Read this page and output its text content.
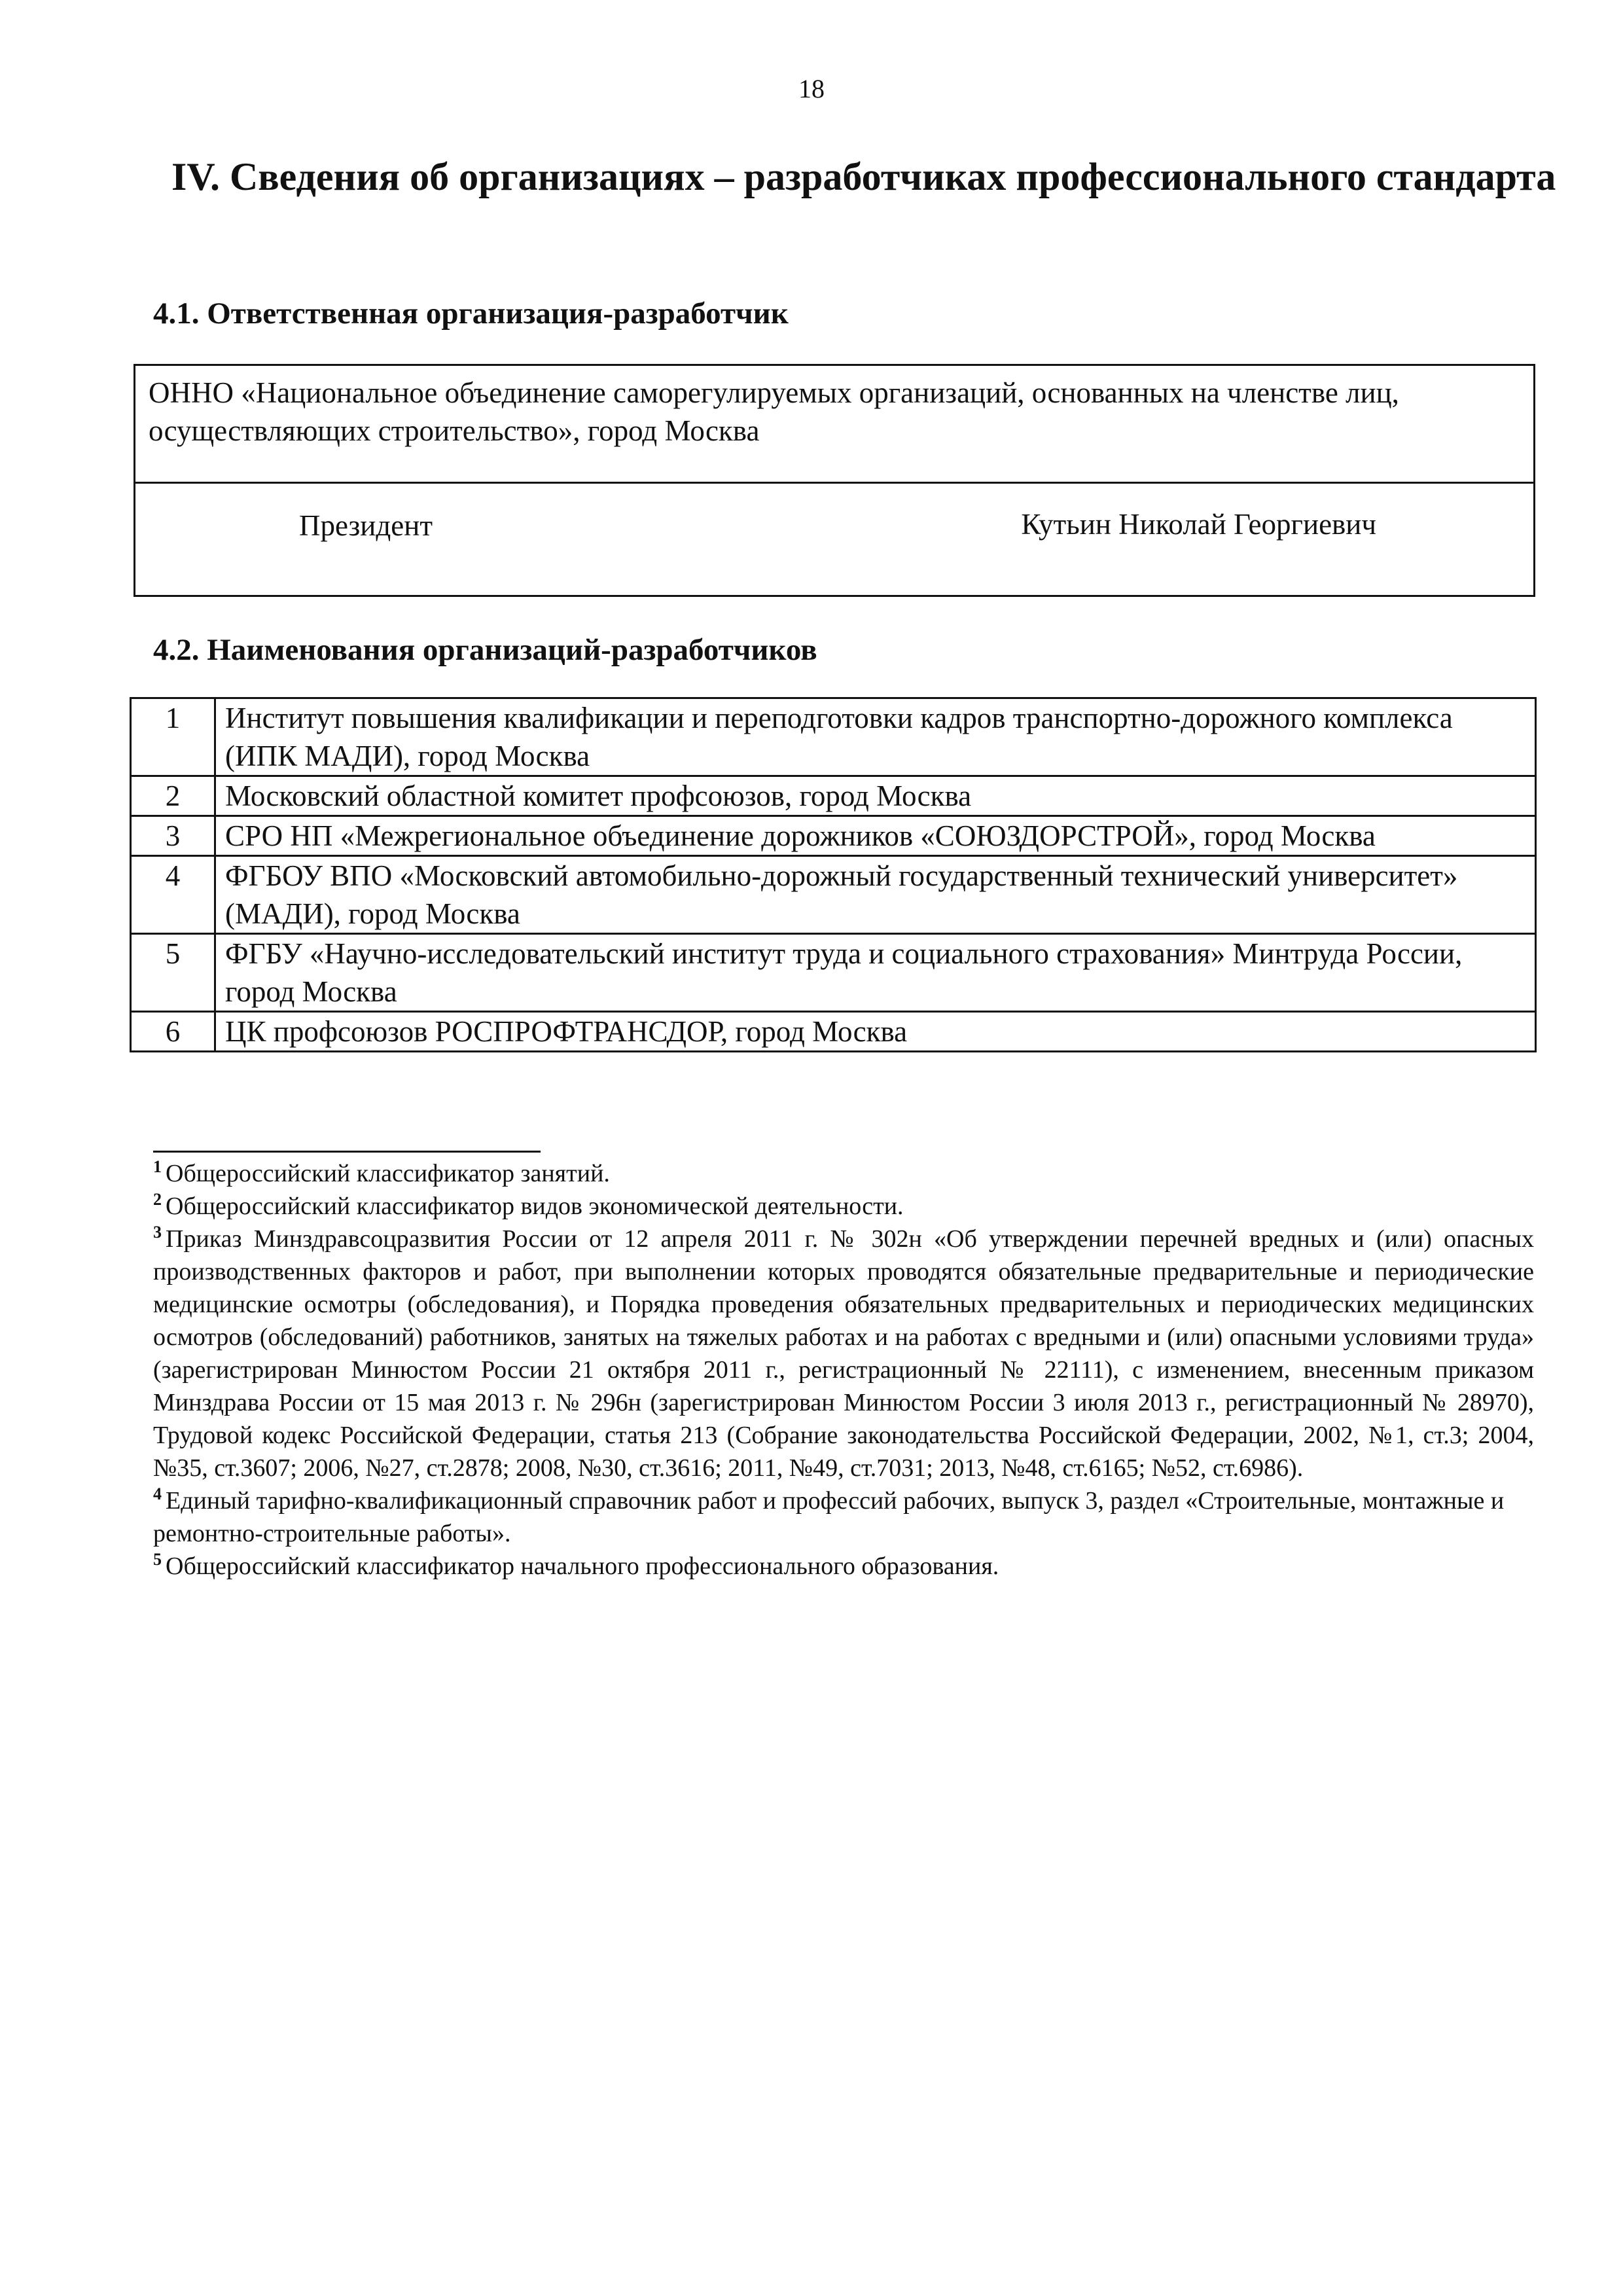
18
IV. Сведения об организациях – разработчиках профессионального стандарта
4.1. Ответственная организация-разработчик
ОННО «Национальное объединение саморегулируемых организаций, основанных на членстве лиц, осуществляющих строительство», город Москва
Президент	Кутьин Николай Георгиевич
4.2. Наименования организаций-разработчиков
1	Институт повышения квалификации и переподготовки кадров транспортно-дорожного комплекса (ИПК МАДИ), город Москва
2	Московский областной комитет профсоюзов, город Москва
3	СРО НП «Межрегиональное объединение дорожников «СОЮЗДОРСТРОЙ», город Москва
4	ФГБОУ ВПО «Московский автомобильно-дорожный государственный технический университет» (МАДИ), город Москва
5	ФГБУ «Научно-исследовательский институт труда и социального страхования» Минтруда России, город Москва
6	ЦК профсоюзов РОСПРОФТРАНСДОР, город Москва

$^1$ Общероссийский классификатор занятий.

$^2$ Общероссийский классификатор видов экономической деятельности.

$^3$ Приказ Минздравсоцразвития России от 12 апреля 2011 г. № 302н «Об утверждении перечней вредных и (или) опасных производственных факторов и работ, при выполнении которых проводятся обязательные предварительные и периодические медицинские осмотры (обследования), и Порядка проведения обязательных предварительных и периодических медицинских осмотров (обследований) работников, занятых на тяжелых работах и на работах с вредными и (или) опасными условиями труда» (зарегистрирован Минюстом России 21 октября 2011 г., регистрационный № 22111), с изменением, внесенным приказом Минздрава России от 15 мая 2013 г. № 296н (зарегистрирован Минюстом России 3 июля 2013 г., регистрационный № 28970), Трудовой кодекс Российской Федерации, статья 213 (Собрание законодательства Российской Федерации, 2002, №1, ст.3; 2004, №35, ст.3607; 2006, №27, ст.2878; 2008, №30, ст.3616; 2011, №49, ст.7031; 2013, №48, ст.6165; №52, ст.6986).

$^4$ Единый тарифно-квалификационный справочник работ и профессий рабочих, выпуск 3, раздел «Строительные, монтажные и ремонтно-строительные работы».

$^5$ Общероссийский классификатор начального профессионального образования.
